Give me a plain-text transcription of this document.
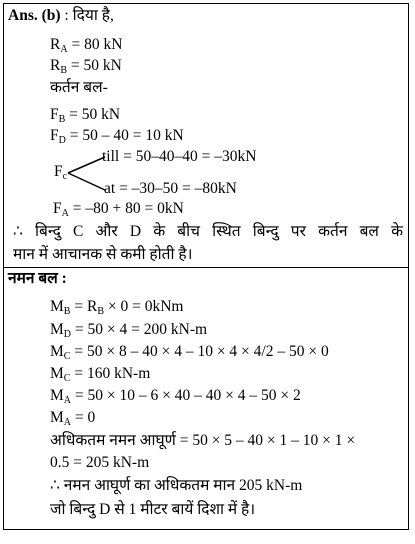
Ans. (b) : दिया है,
$R_A = 80$ kN
$R_B = 50$ kN
कर्तन बल-
$F_B = 50$ kN
$F_D = 50 - 40 = 10$ kN
$F_c$
till = 50–40–40 = –30kN
at = –30–50 = –80kN
$F_A = -80 + 80 = 0kN$
∴ बिन्दु C और D के बीच स्थित बिन्दु पर कर्तन बल के
मान में आचानक से कमी होती है।
नमन बल :
$M_B = R_B \times 0 = 0kNm$
$M_D = 50 \times 4 = 200$ kN-m
$M_C = 50 \times 8 - 40 \times 4 - 10 \times 4 \times 4/2 - 50 \times 0$
$M_C = 160$ kN-m
$M_A = 50 \times 10 - 6 \times 40 - 40 \times 4 - 50 \times 2$
$M_A = 0$
अधिकतम नमन आघूर्ण = 50 × 5 – 40 × 1 – 10 × 1 ×
0.5 = 205 kN-m
∴ नमन आघूर्ण का अधिकतम मान 205 kN-m
जो बिन्दु D से 1 मीटर बायें दिशा में है।
